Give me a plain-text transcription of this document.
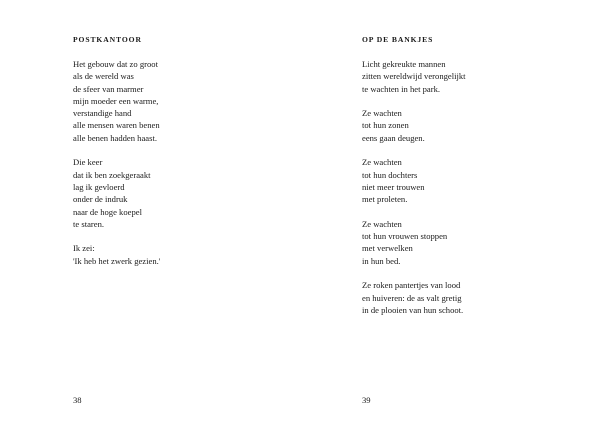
POSTKANTOOR
Het gebouw dat zo groot
als de wereld was
de sfeer van marmer
mijn moeder een warme,
verstandige hand
alle mensen waren benen
alle benen hadden haast.
Die keer
dat ik ben zoekgeraakt
lag ik gevloerd
onder de indruk
naar de hoge koepel
te staren.
Ik zei:
'Ik heb het zwerk gezien.'
38
OP DE BANKJES
Licht gekreukte mannen
zitten wereldwijd verongelijkt
te wachten in het park.
Ze wachten
tot hun zonen
eens gaan deugen.
Ze wachten
tot hun dochters
niet meer trouwen
met proleten.
Ze wachten
tot hun vrouwen stoppen
met verwelken
in hun bed.
Ze roken pantertjes van lood
en huiveren: de as valt gretig
in de plooien van hun schoot.
39
